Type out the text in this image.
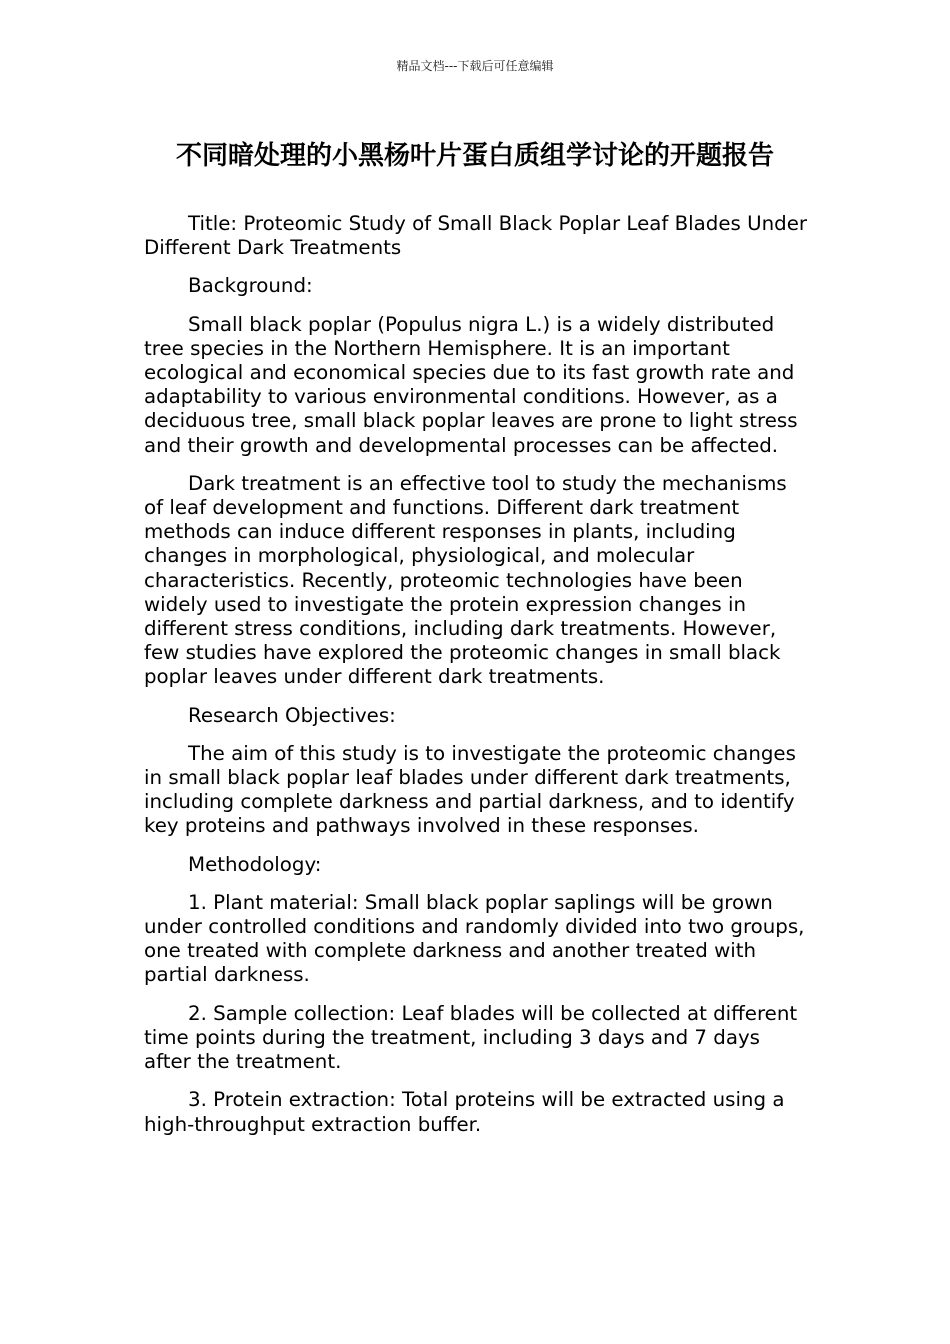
精品文档---下载后可任意编辑
不同暗处理的小黑杨叶片蛋白质组学讨论的开题报告

Title: Proteomic Study of Small Black Poplar Leaf Blades Under Different Dark Treatments

Background:

Small black poplar (Populus nigra L.) is a widely distributed tree species in the Northern Hemisphere. It is an important ecological and economical species due to its fast growth rate and adaptability to various environmental conditions. However, as a deciduous tree, small black poplar leaves are prone to light stress and their growth and developmental processes can be affected.

Dark treatment is an effective tool to study the mechanisms of leaf development and functions. Different dark treatment methods can induce different responses in plants, including changes in morphological, physiological, and molecular characteristics. Recently, proteomic technologies have been widely used to investigate the protein expression changes in different stress conditions, including dark treatments. However, few studies have explored the proteomic changes in small black poplar leaves under different dark treatments.

Research Objectives:

The aim of this study is to investigate the proteomic changes in small black poplar leaf blades under different dark treatments, including complete darkness and partial darkness, and to identify key proteins and pathways involved in these responses.

Methodology:

1. Plant material: Small black poplar saplings will be grown under controlled conditions and randomly divided into two groups, one treated with complete darkness and another treated with partial darkness.

2. Sample collection: Leaf blades will be collected at different time points during the treatment, including 3 days and 7 days after the treatment.

3. Protein extraction: Total proteins will be extracted using a high-throughput extraction buffer.
